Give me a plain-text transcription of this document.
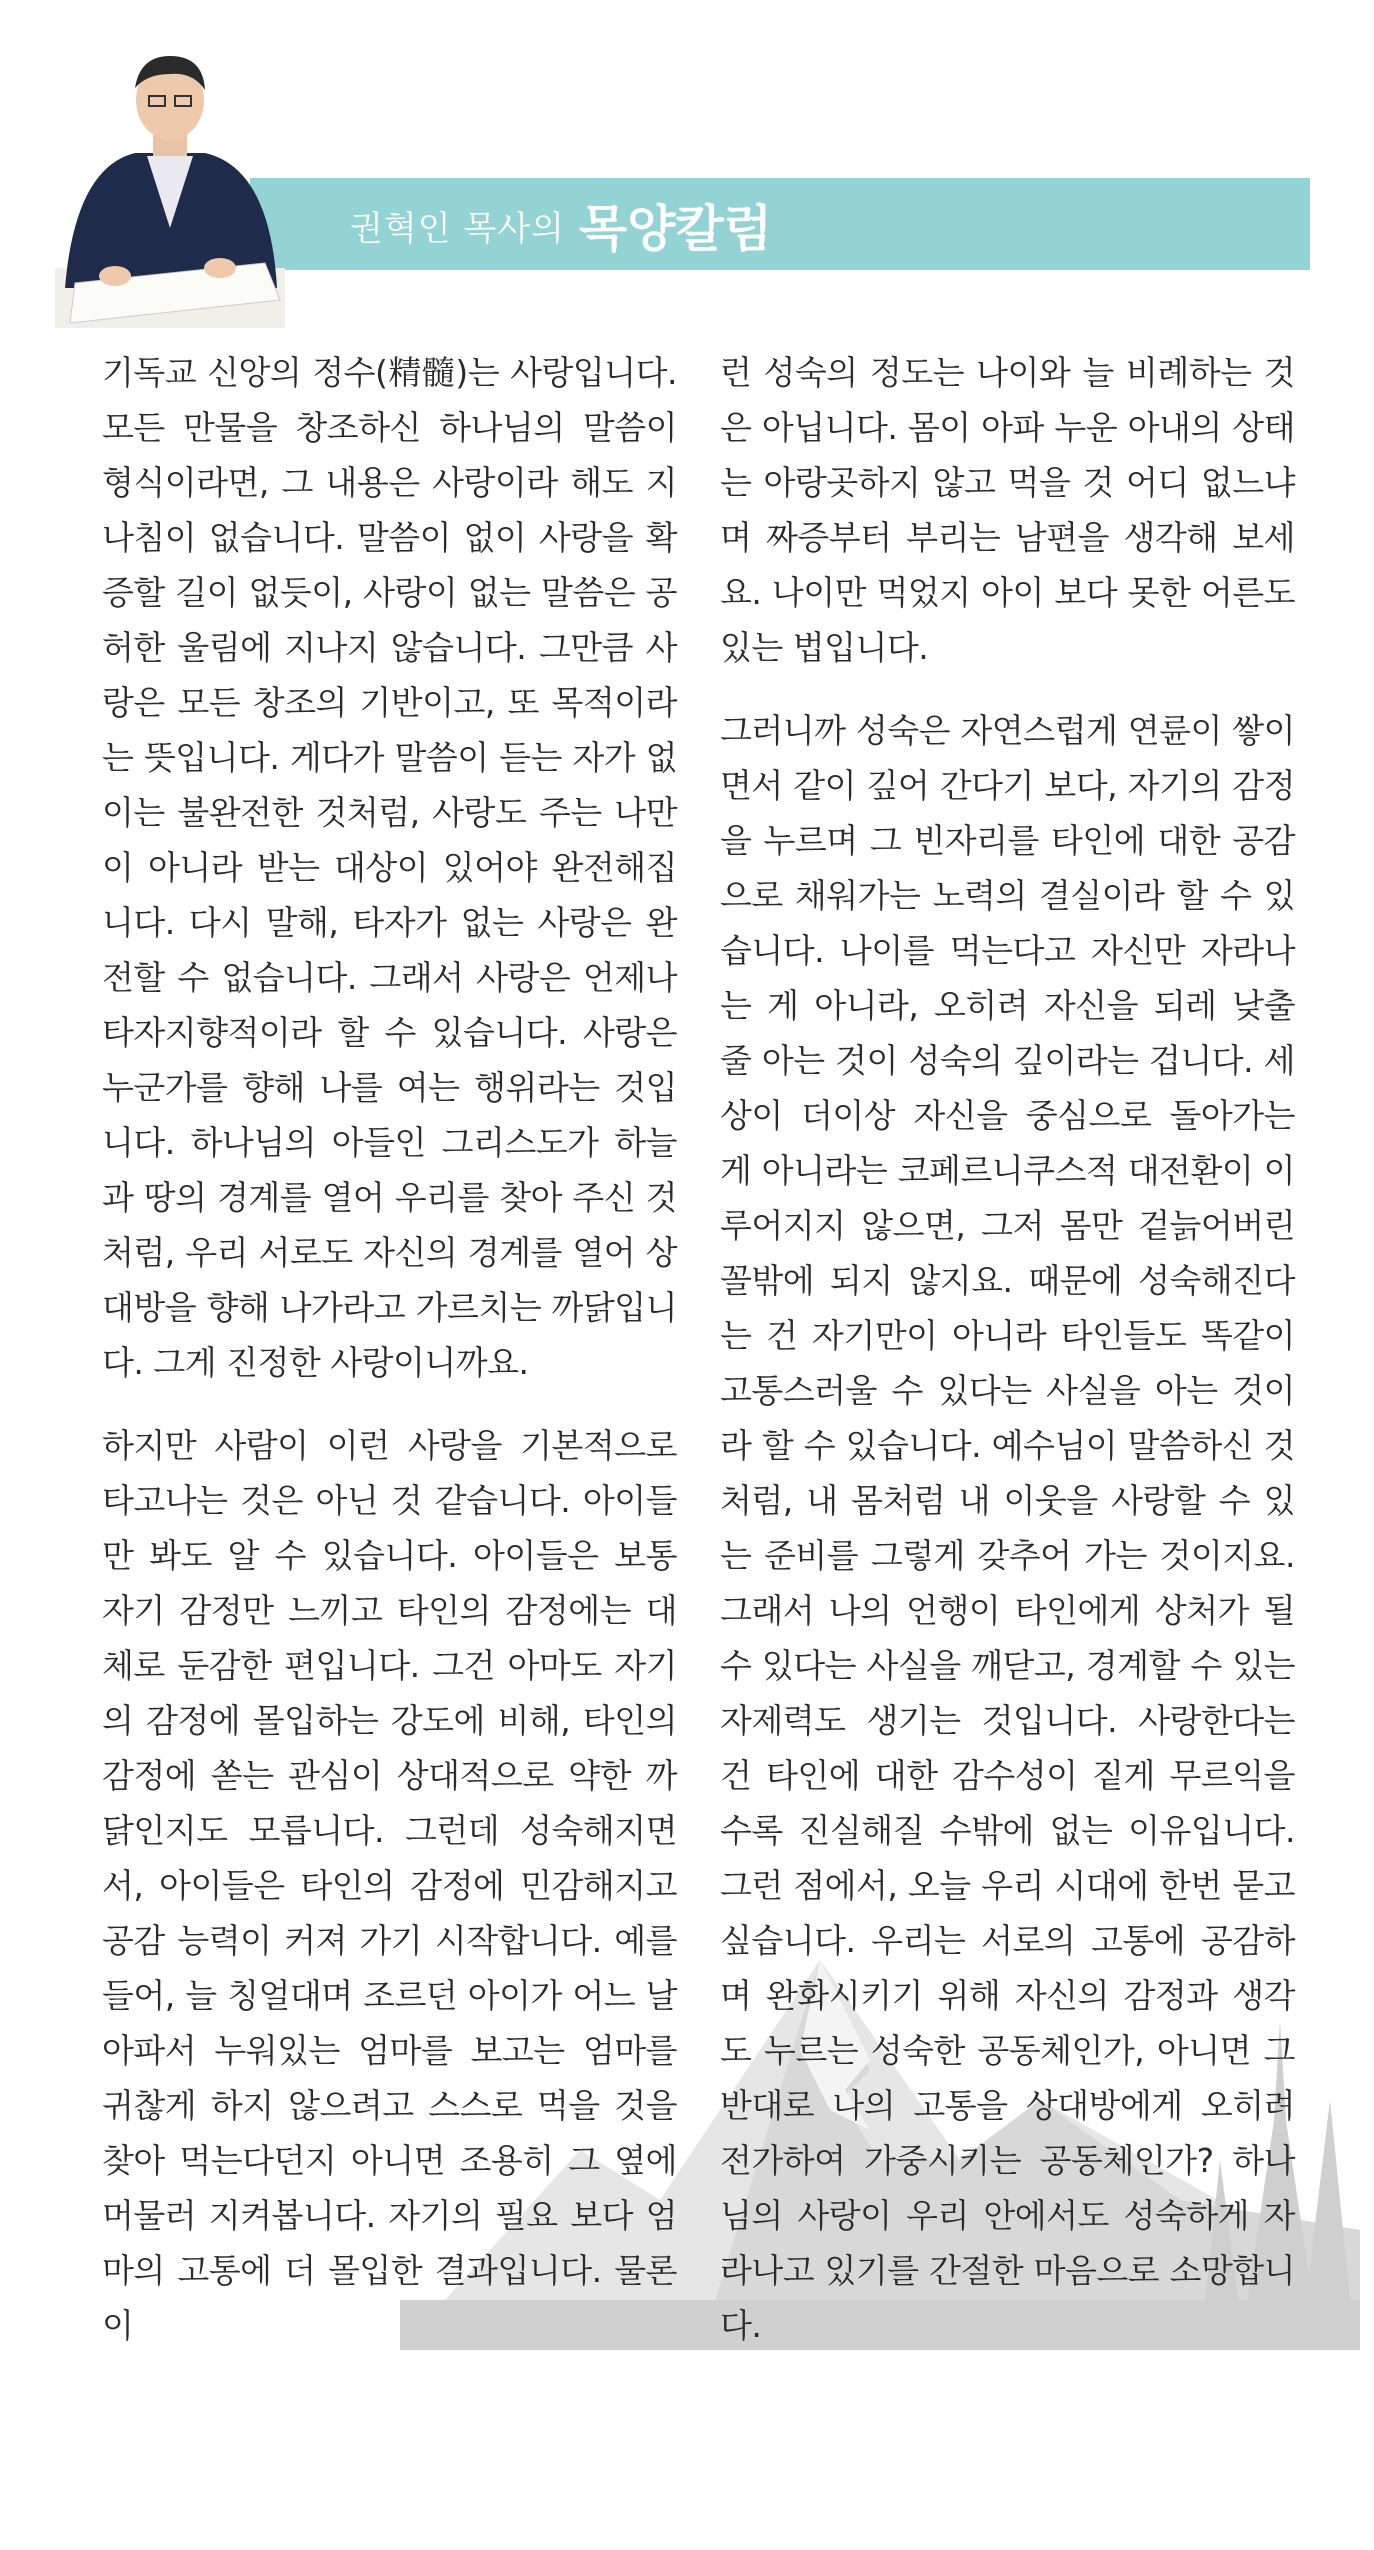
권혁인 목사의 목양칼럼

기독교 신앙의 정수(精髓)는 사랑입니다. 모든 만물을 창조하신 하나님의 말씀이 형식이라면, 그 내용은 사랑이라 해도 지나침이 없습니다. 말씀이 없이 사랑을 확증할 길이 없듯이, 사랑이 없는 말씀은 공허한 울림에 지나지 않습니다. 그만큼 사랑은 모든 창조의 기반이고, 또 목적이라는 뜻입니다. 게다가 말씀이 듣는 자가 없이는 불완전한 것처럼, 사랑도 주는 나만이 아니라 받는 대상이 있어야 완전해집니다. 다시 말해, 타자가 없는 사랑은 완전할 수 없습니다. 그래서 사랑은 언제나 타자지향적이라 할 수 있습니다. 사랑은 누군가를 향해 나를 여는 행위라는 것입니다. 하나님의 아들인 그리스도가 하늘과 땅의 경계를 열어 우리를 찾아 주신 것처럼, 우리 서로도 자신의 경계를 열어 상대방을 향해 나가라고 가르치는 까닭입니다. 그게 진정한 사랑이니까요.

하지만 사람이 이런 사랑을 기본적으로 타고나는 것은 아닌 것 같습니다. 아이들만 봐도 알 수 있습니다. 아이들은 보통 자기 감정만 느끼고 타인의 감정에는 대체로 둔감한 편입니다. 그건 아마도 자기의 감정에 몰입하는 강도에 비해, 타인의 감정에 쏟는 관심이 상대적으로 약한 까닭인지도 모릅니다. 그런데 성숙해지면서, 아이들은 타인의 감정에 민감해지고 공감 능력이 커져 가기 시작합니다. 예를 들어, 늘 칭얼대며 조르던 아이가 어느 날 아파서 누워있는 엄마를 보고는 엄마를 귀찮게 하지 않으려고 스스로 먹을 것을 찾아 먹는다던지 아니면 조용히 그 옆에 머물러 지켜봅니다. 자기의 필요 보다 엄마의 고통에 더 몰입한 결과입니다. 물론 이

런 성숙의 정도는 나이와 늘 비례하는 것은 아닙니다. 몸이 아파 누운 아내의 상태는 아랑곳하지 않고 먹을 것 어디 없느냐며 짜증부터 부리는 남편을 생각해 보세요. 나이만 먹었지 아이 보다 못한 어른도 있는 법입니다.

그러니까 성숙은 자연스럽게 연륜이 쌓이면서 같이 깊어 간다기 보다, 자기의 감정을 누르며 그 빈자리를 타인에 대한 공감으로 채워가는 노력의 결실이라 할 수 있습니다. 나이를 먹는다고 자신만 자라나는 게 아니라, 오히려 자신을 되레 낮출 줄 아는 것이 성숙의 깊이라는 겁니다. 세상이 더이상 자신을 중심으로 돌아가는 게 아니라는 코페르니쿠스적 대전환이 이루어지지 않으면, 그저 몸만 겉늙어버린 꼴밖에 되지 않지요. 때문에 성숙해진다는 건 자기만이 아니라 타인들도 똑같이 고통스러울 수 있다는 사실을 아는 것이라 할 수 있습니다. 예수님이 말씀하신 것처럼, 내 몸처럼 내 이웃을 사랑할 수 있는 준비를 그렇게 갖추어 가는 것이지요. 그래서 나의 언행이 타인에게 상처가 될 수 있다는 사실을 깨닫고, 경계할 수 있는 자제력도 생기는 것입니다. 사랑한다는 건 타인에 대한 감수성이 짙게 무르익을수록 진실해질 수밖에 없는 이유입니다. 그런 점에서, 오늘 우리 시대에 한번 묻고 싶습니다. 우리는 서로의 고통에 공감하며 완화시키기 위해 자신의 감정과 생각도 누르는 성숙한 공동체인가, 아니면 그 반대로 나의 고통을 상대방에게 오히려 전가하여 가중시키는 공동체인가? 하나님의 사랑이 우리 안에서도 성숙하게 자라나고 있기를 간절한 마음으로 소망합니다.
